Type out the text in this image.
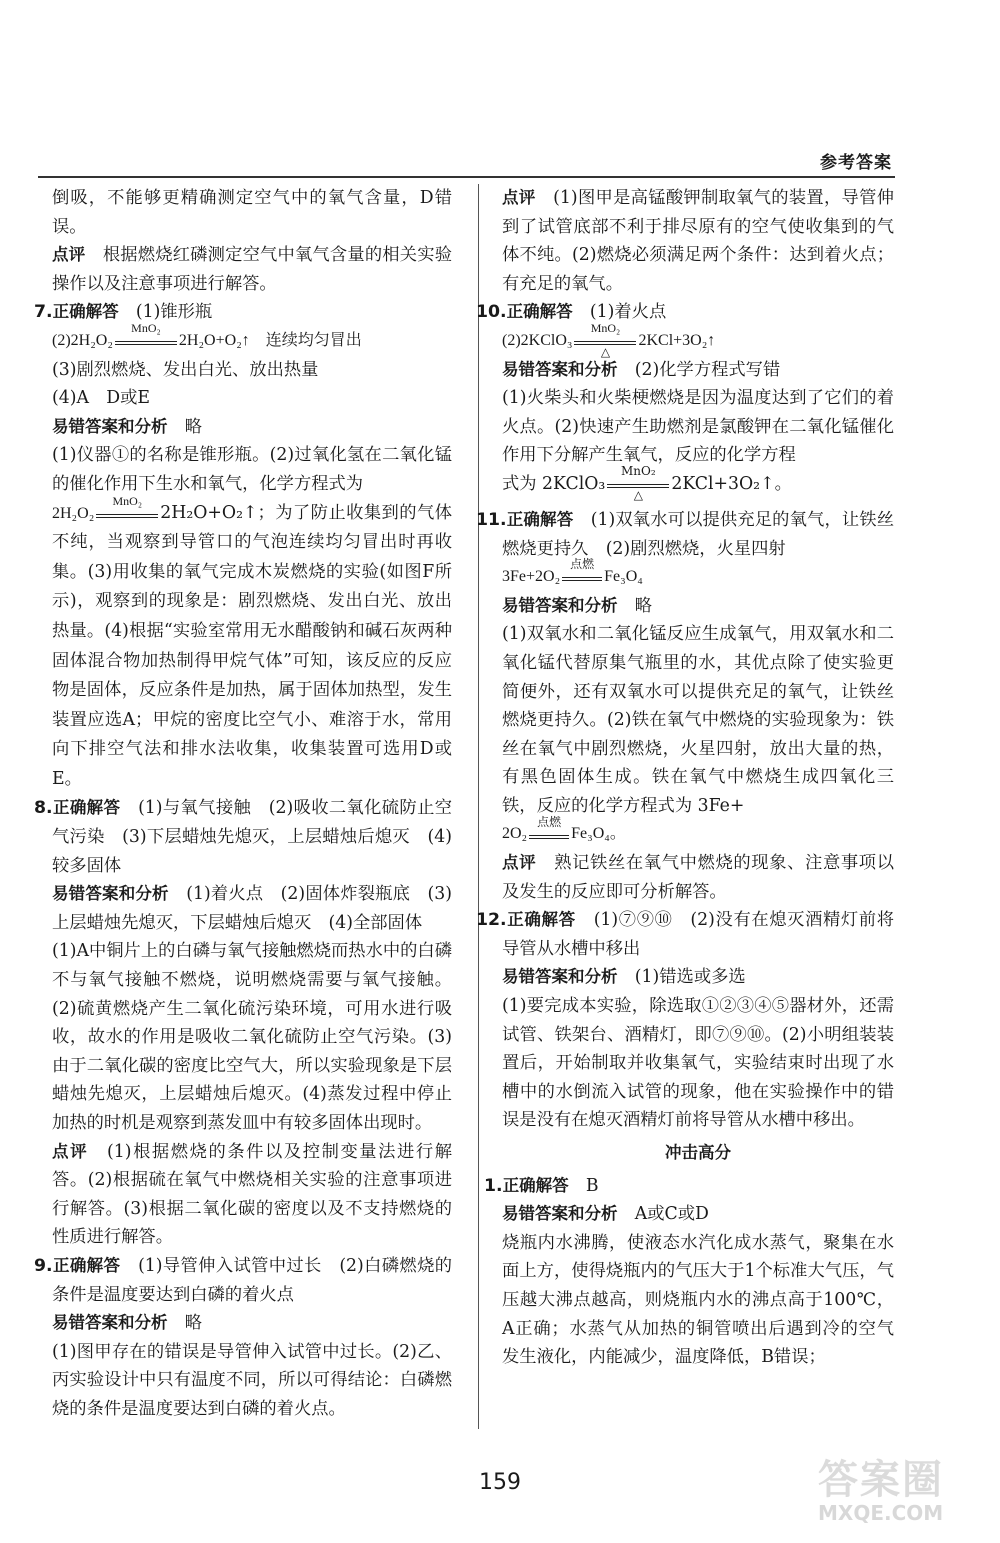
参考答案

倒吸，不能够更精确测定空气中的氧气含量，D错误。

点评　 根据燃烧红磷测定空气中氧气含量的相关实验操作以及注意事项进行解答。

7.正确解答　 (1)锥形瓶

(2)2H₂O₂
MnO₂
2H₂O+O₂↑　连续均匀冒出

(3)剧烈燃烧、发出白光、放出热量

(4)A　D或E

易错答案和分析　 略

(1)仪器①的名称是锥形瓶。(2)过氧化氢在二氧化锰的催化作用下生水和氧气，化学方程式为

2H₂O₂
MnO₂
2H₂O+O₂↑；为了防止收集到的气体不纯，当观察到导管口的气泡连续均匀冒出时再收集。(3)用收集的氧气完成木炭燃烧的实验(如图F所示)，观察到的现象是：剧烈燃烧、发出白光、放出热量。(4)根据“实验室常用无水醋酸钠和碱石灰两种固体混合物加热制得甲烷气体”可知，该反应的反应物是固体，反应条件是加热，属于固体加热型，发生装置应选A；甲烷的密度比空气小、难溶于水，常用向下排空气法和排水法收集，收集装置可选用D或E。

8.正确解答　 (1)与氧气接触　(2)吸收二氧化硫防止空气污染　(3)下层蜡烛先熄灭，上层蜡烛后熄灭　(4)较多固体

易错答案和分析　 (1)着火点　(2)固体炸裂瓶底　(3)上层蜡烛先熄灭，下层蜡烛后熄灭　(4)全部固体

(1)A中铜片上的白磷与氧气接触燃烧而热水中的白磷不与氧气接触不燃烧，说明燃烧需要与氧气接触。(2)硫黄燃烧产生二氧化硫污染环境，可用水进行吸收，故水的作用是吸收二氧化硫防止空气污染。(3)由于二氧化碳的密度比空气大，所以实验现象是下层蜡烛先熄灭，上层蜡烛后熄灭。(4)蒸发过程中停止加热的时机是观察到蒸发皿中有较多固体出现时。

点评　 (1)根据燃烧的条件以及控制变量法进行解答。(2)根据硫在氧气中燃烧相关实验的注意事项进行解答。(3)根据二氧化碳的密度以及不支持燃烧的性质进行解答。

9.正确解答　 (1)导管伸入试管中过长　(2)白磷燃烧的条件是温度要达到白磷的着火点

易错答案和分析　 略

(1)图甲存在的错误是导管伸入试管中过长。(2)乙、丙实验设计中只有温度不同，所以可得结论：白磷燃烧的条件是温度要达到白磷的着火点。

点评　 (1)图甲是高锰酸钾制取氧气的装置，导管伸到了试管底部不利于排尽原有的空气使收集到的气体不纯。(2)燃烧必须满足两个条件：达到着火点；有充足的氧气。

10.正确解答　 (1)着火点

(2)2KClO₃
MnO₂
△
2KCl+3O₂↑

易错答案和分析　 (2)化学方程式写错

(1)火柴头和火柴梗燃烧是因为温度达到了它们的着火点。(2)快速产生助燃剂是氯酸钾在二氧化锰催化作用下分解产生氧气，反应的化学方程

式为 2KClO₃
MnO₂
△
2KCl+3O₂↑。

11.正确解答　 (1)双氧水可以提供充足的氧气，让铁丝燃烧更持久　(2)剧烈燃烧，火星四射

3Fe+2O₂
点燃
Fe₃O₄

易错答案和分析　 略

(1)双氧水和二氧化锰反应生成氧气，用双氧水和二氧化锰代替原集气瓶里的水，其优点除了使实验更简便外，还有双氧水可以提供充足的氧气，让铁丝燃烧更持久。(2)铁在氧气中燃烧的实验现象为：铁丝在氧气中剧烈燃烧，火星四射，放出大量的热，有黑色固体生成。铁在氧气中燃烧生成四氧化三铁，反应的化学方程式为 3Fe+

2O₂
点燃
Fe₃O₄。

点评　 熟记铁丝在氧气中燃烧的现象、注意事项以及发生的反应即可分析解答。

12.正确解答　 (1)⑦⑨⑩　(2)没有在熄灭酒精灯前将导管从水槽中移出

易错答案和分析　 (1)错选或多选

(1)要完成本实验，除选取①②③④⑤器材外，还需试管、铁架台、酒精灯，即⑦⑨⑩。(2)小明组装装置后，开始制取并收集氧气，实验结束时出现了水槽中的水倒流入试管的现象，他在实验操作中的错误是没有在熄灭酒精灯前将导管从水槽中移出。

冲击高分

1.正确解答　 B

易错答案和分析　 A或C或D

烧瓶内水沸腾，使液态水汽化成水蒸气，聚集在水面上方，使得烧瓶内的气压大于1个标准大气压，气压越大沸点越高，则烧瓶内水的沸点高于100℃，A正确；水蒸气从加热的铜管喷出后遇到冷的空气发生液化，内能减少，温度降低，B错误；

159	答案圈
MXQE.COM
